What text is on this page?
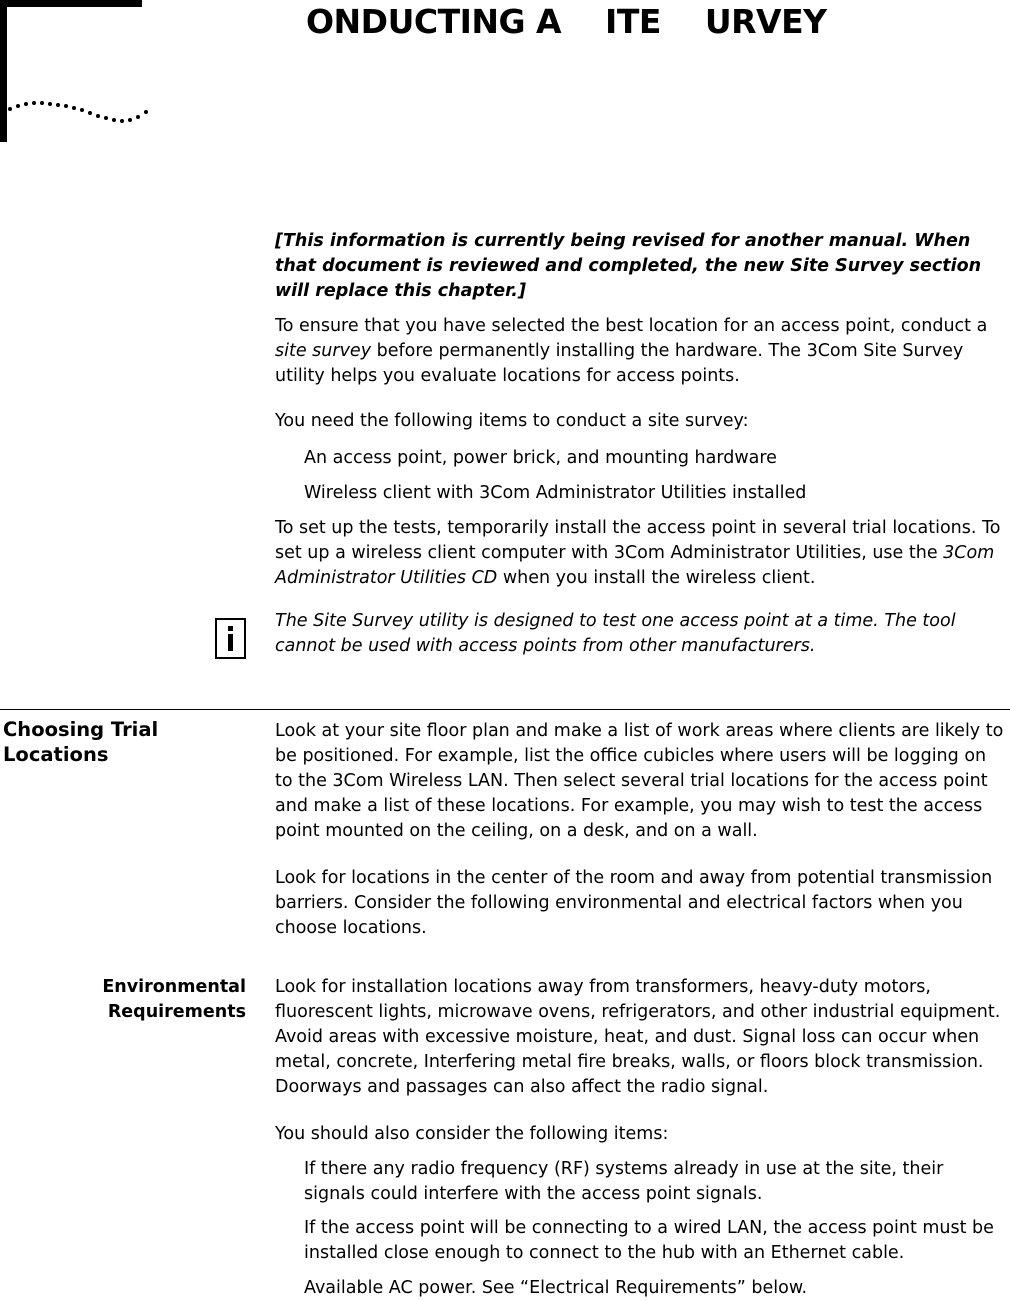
ONDUCTING A    ITE    URVEY

[This information is currently being revised for another manual. When that document is reviewed and completed, the new Site Survey section will replace this chapter.]

To ensure that you have selected the best location for an access point, conduct a site survey before permanently installing the hardware. The 3Com Site Survey utility helps you evaluate locations for access points.

You need the following items to conduct a site survey:
An access point, power brick, and mounting hardware
Wireless client with 3Com Administrator Utilities installed

To set up the tests, temporarily install the access point in several trial locations. To set up a wireless client computer with 3Com Administrator Utilities, use the 3Com Administrator Utilities CD when you install the wireless client.

The Site Survey utility is designed to test one access point at a time. The tool cannot be used with access points from other manufacturers.
Choosing Trial Locations
Look at your site floor plan and make a list of work areas where clients are likely to be positioned. For example, list the office cubicles where users will be logging on to the 3Com Wireless LAN. Then select several trial locations for the access point and make a list of these locations. For example, you may wish to test the access point mounted on the ceiling, on a desk, and on a wall.
Look for locations in the center of the room and away from potential transmission barriers. Consider the following environmental and electrical factors when you choose locations.
Environmental Requirements
Look for installation locations away from transformers, heavy-duty motors, fluorescent lights, microwave ovens, refrigerators, and other industrial equipment. Avoid areas with excessive moisture, heat, and dust. Signal loss can occur when metal, concrete, Interfering metal fire breaks, walls, or floors block transmission. Doorways and passages can also affect the radio signal.
You should also consider the following items:
If there any radio frequency (RF) systems already in use at the site, their signals could interfere with the access point signals.
If the access point will be connecting to a wired LAN, the access point must be installed close enough to connect to the hub with an Ethernet cable.
Available AC power. See “Electrical Requirements” below.
